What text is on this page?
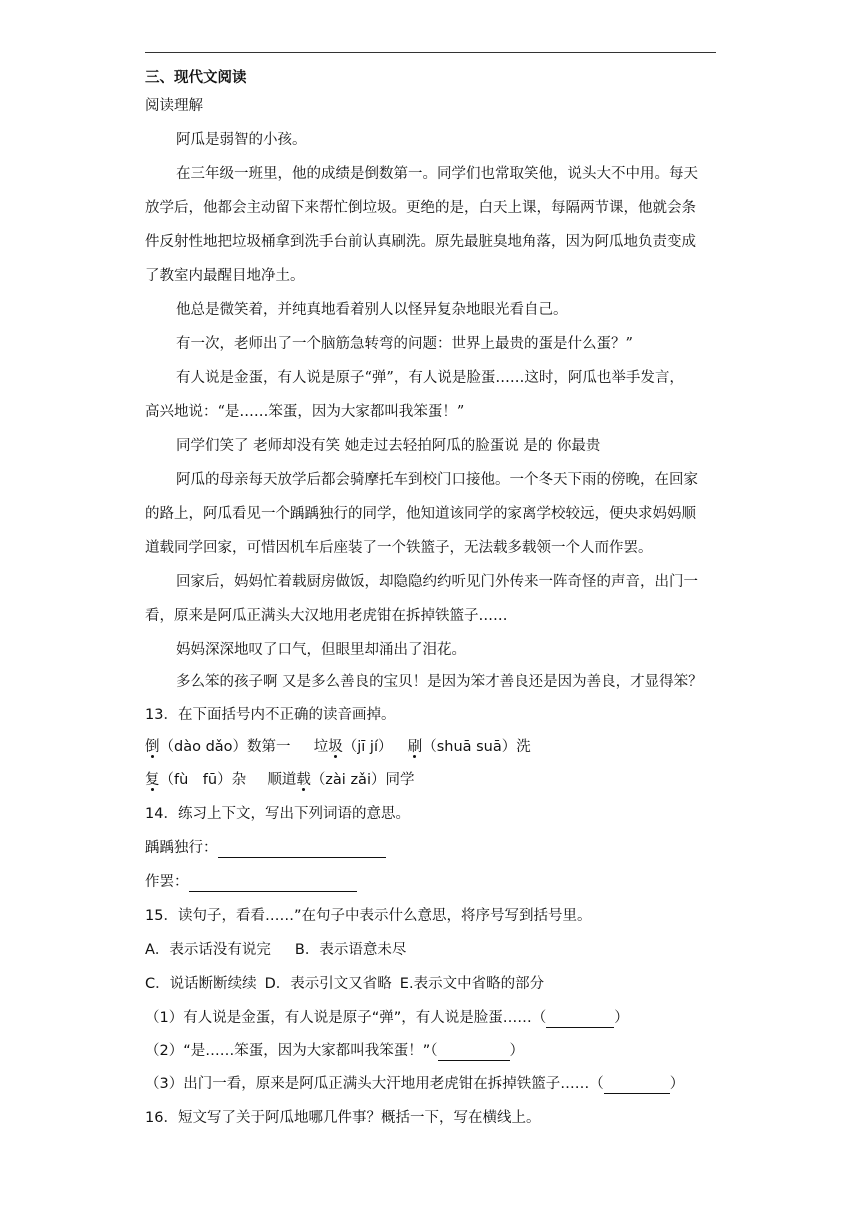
三、现代文阅读
阅读理解
阿瓜是弱智的小孩。
在三年级一班里，他的成绩是倒数第一。同学们也常取笑他，说头大不中用。每天
放学后，他都会主动留下来帮忙倒垃圾。更绝的是，白天上课，每隔两节课，他就会条
件反射性地把垃圾桶拿到洗手台前认真刷洗。原先最脏臭地角落，因为阿瓜地负责变成
了教室内最醒目地净土。
他总是微笑着，并纯真地看着别人以怪异复杂地眼光看自己。
有一次，老师出了一个脑筋急转弯的问题：世界上最贵的蛋是什么蛋？”
有人说是金蛋，有人说是原子“弹”，有人说是脸蛋……这时，阿瓜也举手发言，
高兴地说：“是……笨蛋，因为大家都叫我笨蛋！”
同学们笑了 老师却没有笑 她走过去轻拍阿瓜的脸蛋说 是的 你最贵
阿瓜的母亲每天放学后都会骑摩托车到校门口接他。一个冬天下雨的傍晚，在回家
的路上，阿瓜看见一个踽踽独行的同学，他知道该同学的家离学校较远，便央求妈妈顺
道载同学回家，可惜因机车后座装了一个铁篮子，无法载多载领一个人而作罢。
回家后，妈妈忙着载厨房做饭，却隐隐约约听见门外传来一阵奇怪的声音，出门一
看，原来是阿瓜正满头大汉地用老虎钳在拆掉铁篮子……
妈妈深深地叹了口气，但眼里却涌出了泪花。
多么笨的孩子啊 又是多么善良的宝贝！是因为笨才善良还是因为善良，才显得笨？
13．在下面括号内不正确的读音画掉。
倒（dào dǎo）数第一 垃圾（jī jí） 刷（shuā suā）洗
复（fù　fū）杂 顺道载（zài zǎi）同学
14．练习上下文，写出下列词语的意思。
踽踽独行：
作罢：
15．读句子，看看……”在句子中表示什么意思，将序号写到括号里。
A．表示话没有说完 B．表示语意未尽
C．说话断断续续 D．表示引文又省略 E.表示文中省略的部分
（1）有人说是金蛋，有人说是原子“弹”，有人说是脸蛋……（	）
（2）“是……笨蛋，因为大家都叫我笨蛋！”（	）
（3）出门一看，原来是阿瓜正满头大汗地用老虎钳在拆掉铁篮子……（	）
16．短文写了关于阿瓜地哪几件事？概括一下，写在横线上。
